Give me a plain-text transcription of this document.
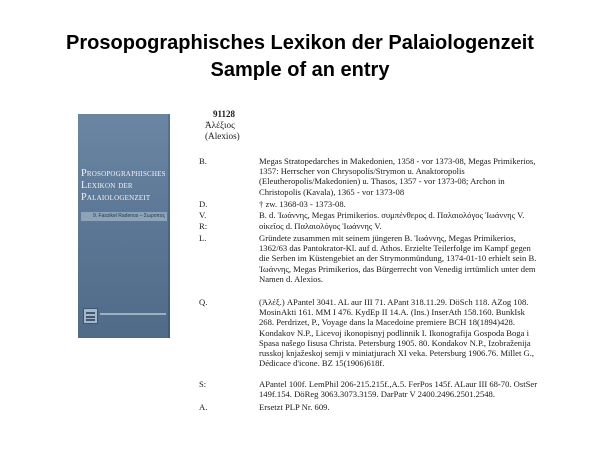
Prosopographisches Lexikon der Palaiologenzeit
Sample of an entry
Prosopographisches
Lexikon der
Palaiologenzeit
9. Faszikel Radenos – Σωροπος
91128
Ἀλέξιος
(Alexios)
B.	Megas Stratopedarches in Makedonien, 1358 - vor 1373-08, Megas Primikerios,
1357: Herrscher von Chrysopolis/Strymon u. Anaktoropolis
(Eleutheropolis/Makedonien) u. Thasos, 1357 - vor 1373-08; Archon in
Christopolis (Kavala), 1365 - vor 1373-08
D.	† zw. 1368-03 - 1373-08.
V.	B. d. Ἰωάννης, Megas Primikerios. συμπένθερος d. Παλαιολόγος Ἰωάννης V.
R:	οἰκεῖος d. Παλαιολόγος Ἰωάννης V.
L.	Gründete zusammen mit seinem jüngeren B. Ἰωάννης, Megas Primikerios,
1362/63 das Pantokrator-Kl. auf d. Athos. Erzielte Teilerfolge im Kampf gegen
die Serben im Küstengebiet an der Strymonmündung, 1374-01-10 erhielt sein B.
Ἰωάννης, Megas Primikerios, das Bürgerrecht von Venedig irrtümlich unter dem
Namen d. Alexios.
Q.	(Ἀλέξ.) APantel 3041. AL aur III 71. APant 318.11.29. DöSch 118. AZog 108.
MosinAkti 161. MM I 476. KydEp II 14.A. (Ins.) InserAth 158.160. BunkIsk
268. Perdrizet, P., Voyage dans la Macedoine premiere BCH 18(1894)428.
Kondakov N.P., Licevoj ikonopisnyj podlinnik I. Ikonografija Gospoda Boga i
Spasa našego Iisusa Christa. Petersburg 1905. 80. Kondakov N.P., Izobraženija
russkoj knjažeskoj semji v miniatjurach XI veka. Petersburg 1906.76. Millet G.,
Dédicace d'icone. BZ 15(1906)618f.
S:	APantel 100f. LemPhil 206-215.215f.,A.5. FerPos 145f. ALaur III 68-70. OstSer
149f.154. DöReg 3063.3073.3159. DarPatr V 2400.2496.2501.2548.
A.	Ersetzt PLP Nr. 609.
